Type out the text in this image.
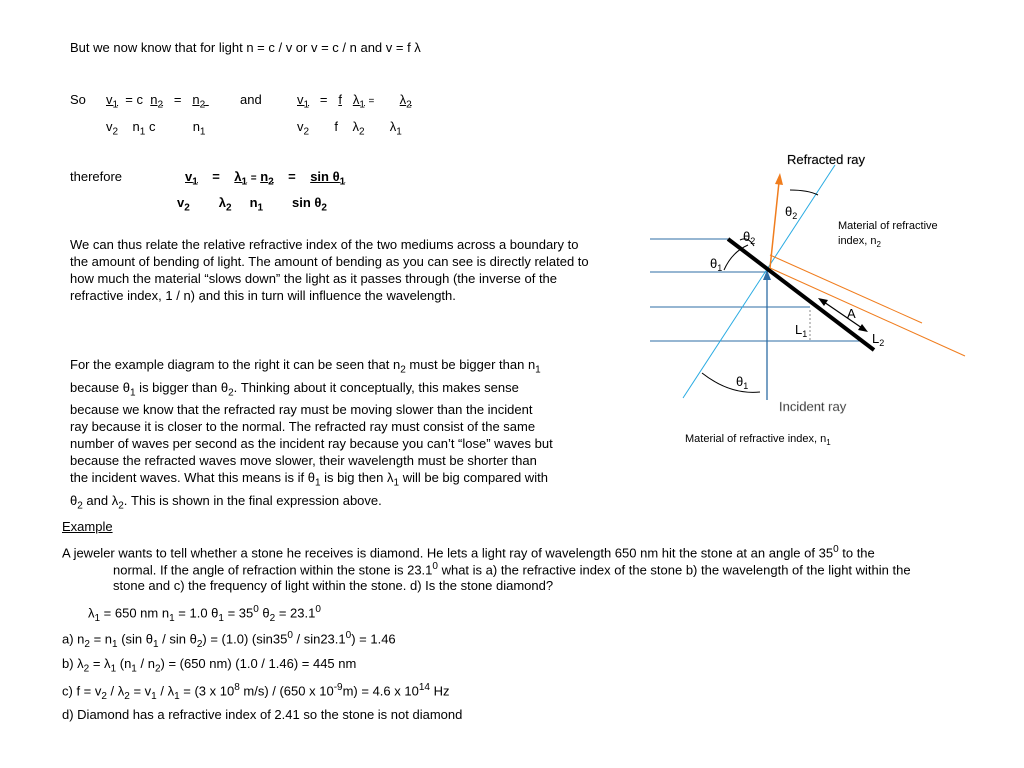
But we now know that for light n = c / v or v = c / n and v = f λ
So $v_1 = c$ $n_2 = n_2$
$v_2$ $n_1$ c	$n_1$
and	$v_1 = f$ $\lambda_1 = \lambda_2$
$v_2$ f $\lambda_2$ $\lambda_1$
therefore	$v_1 = \lambda_1 = n_2 = \sin \theta_1$
$v_2$ $\lambda_2$ $n_1$ $\sin \theta_2$
We can thus relate the relative refractive index of the two mediums across a boundary to the amount of bending of light. The amount of bending as you can see is directly related to how much the material “slows down” the light as it passes through (the inverse of the refractive index, 1 / n) and this in turn will influence the wavelength.
For the example diagram to the right it can be seen that $n_2$ must be bigger than $n_1$
because $\theta_1$ is bigger than $\theta_2$. Thinking about it conceptually, this makes sense
because we know that the refracted ray must be moving slower than the incident
ray because it is closer to the normal. The refracted ray must consist of the same
number of waves per second as the incident ray because you can’t “lose” waves but
because the refracted waves move slower, their wavelength must be shorter than
the incident waves. What this means is if $\theta_1$ is big then $\lambda_1$ will be big compared with
$\theta_2$ and $\lambda_2$. This is shown in the final expression above.
Refracted ray
Incident ray
Material of refractive
index, $n_2$
Material of refractive index, $n_1$
$\theta_2$
$\theta_2$
$\theta_1$
$\theta_1$
A
$L_1$	$L_2$
Example
A jeweler wants to tell whether a stone he receives is diamond. He lets a light ray of wavelength 650 nm hit the stone at an angle of $35^0$ to the
normal. If the angle of refraction within the stone is 23.1$^0$ what is a) the refractive index of the stone b) the wavelength of the light within the
stone and c) the frequency of light within the stone. d) Is the stone diamond?
$\lambda_1 = 650$ nm $n_1 = 1.0$ $\theta_1 = 35^0$ $\theta_2 = 23.1^0$
a) $n_2 = n_1$ (sin $\theta_1 / \sin \theta_2) = (1.0)$ $(\sin 35^0 / \sin 23.1^0) = 1.46$
b) $\lambda_2 = \lambda_1$ $(n_1 / n_2) = (650$ nm) (1.0 / 1.46) = 445 nm
c) $f = v_2 / \lambda_2 = v_1 / \lambda_1 = (3$ x $10^8$ m/s) / (650 x $10^{-9}m) = 4.6$ x $10^{14}$ Hz
d) Diamond has a refractive index of 2.41 so the stone is not diamond
